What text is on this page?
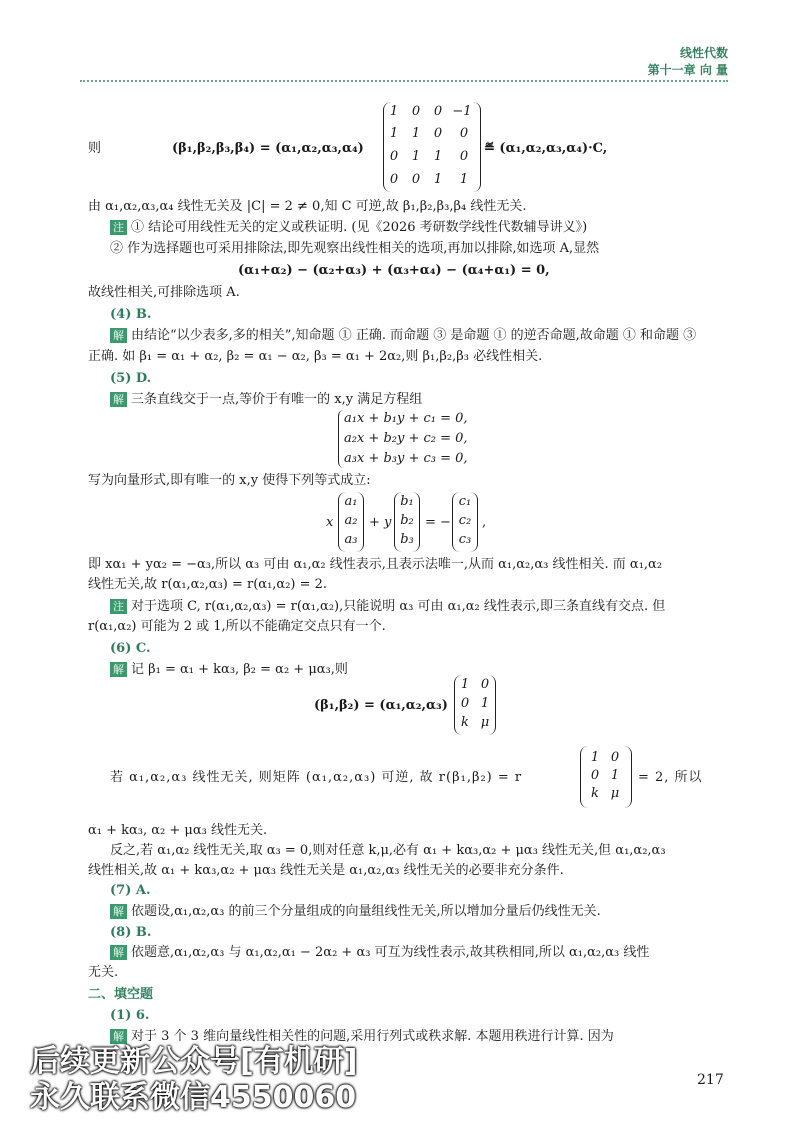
线性代数
第十一章 向 量
则	(β₁,β₂,β₃,β₄) = (α₁,α₂,α₃,α₄)
1	0	0 −1
1	1	0	0
0	1	1	0
0	0	1	1
≝ (α₁,α₂,α₃,α₄)·C,
由 α₁,α₂,α₃,α₄ 线性无关及 |C| = 2 ≠ 0,知 C 可逆,故 β₁,β₂,β₃,β₄ 线性无关.
注 ① 结论可用线性无关的定义或秩证明. (见《2026 考研数学线性代数辅导讲义》)
② 作为选择题也可采用排除法,即先观察出线性相关的选项,再加以排除,如选项 A,显然
(α₁+α₂) − (α₂+α₃) + (α₃+α₄) − (α₄+α₁) = 0,
故线性相关,可排除选项 A.
(4) B.
解 由结论“以少表多,多的相关”,知命题 ① 正确. 而命题 ③ 是命题 ① 的逆否命题,故命题 ① 和命题 ③
正确. 如 β₁ = α₁ + α₂, β₂ = α₁ − α₂, β₃ = α₁ + 2α₂,则 β₁,β₂,β₃ 必线性相关.
(5) D.
解 三条直线交于一点,等价于有唯一的 x,y 满足方程组
a₁x + b₁y + c₁ = 0,
a₂x + b₂y + c₂ = 0,
a₃x + b₃y + c₃ = 0,
写为向量形式,即有唯一的 x,y 使得下列等式成立:
x
a₁
a₂
a₃
+ y
b₁
b₂
b₃
= −
c₁
c₂
c₃
,
即 xα₁ + yα₂ = −α₃,所以 α₃ 可由 α₁,α₂ 线性表示,且表示法唯一,从而 α₁,α₂,α₃ 线性相关. 而 α₁,α₂
线性无关,故 r(α₁,α₂,α₃) = r(α₁,α₂) = 2.
注 对于选项 C, r(α₁,α₂,α₃) = r(α₁,α₂),只能说明 α₃ 可由 α₁,α₂ 线性表示,即三条直线有交点. 但
r(α₁,α₂) 可能为 2 或 1,所以不能确定交点只有一个.
(6) C.
解 记 β₁ = α₁ + kα₃, β₂ = α₂ + μα₃,则
(β₁,β₂) = (α₁,α₂,α₃)
1 0
0 1
k μ
若 α₁,α₂,α₃ 线性无关, 则矩阵 (α₁,α₂,α₃) 可逆, 故 r(β₁,β₂) = r
1 0
0 1
k μ
= 2, 所以
α₁ + kα₃, α₂ + μα₃ 线性无关.
反之,若 α₁,α₂ 线性无关,取 α₃ = 0,则对任意 k,μ,必有 α₁ + kα₃,α₂ + μα₃ 线性无关,但 α₁,α₂,α₃
线性相关,故 α₁ + kα₃,α₂ + μα₃ 线性无关是 α₁,α₂,α₃ 线性无关的必要非充分条件.
(7) A.
解 依题设,α₁,α₂,α₃ 的前三个分量组成的向量组线性无关,所以增加分量后仍线性无关.
(8) B.
解 依题意,α₁,α₂,α₃ 与 α₁,α₂,α₁ − 2α₂ + α₃ 可互为线性表示,故其秩相同,所以 α₁,α₂,α₃ 线性
无关.
二、填空题
(1) 6.
解 对于 3 个 3 维向量线性相关性的问题,采用行列式或秩求解. 本题用秩进行计算. 因为
217
后续更新公众号[有机研]
永久联系微信4550060
